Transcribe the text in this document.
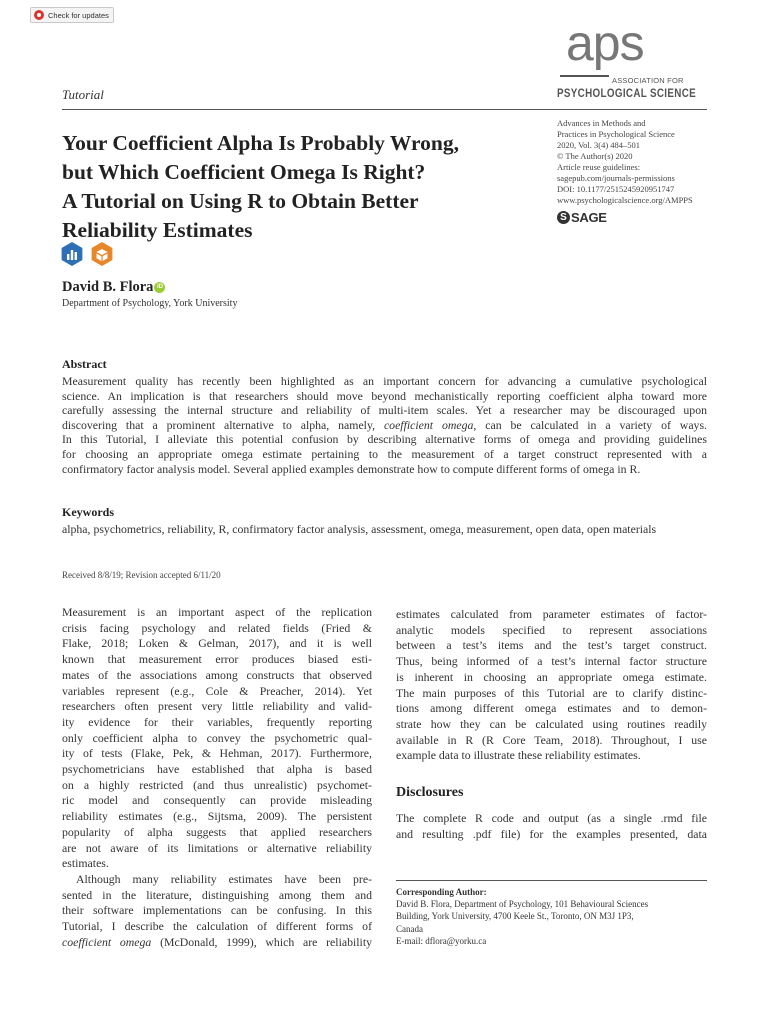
Check for updates	aps
ASSOCIATION FOR
PSYCHOLOGICAL SCIENCE
Tutorial
Your Coefficient Alpha Is Probably Wrong,
but Which Coefficient Omega Is Right?
A Tutorial on Using R to Obtain Better
Reliability Estimates
Advances in Methods and
Practices in Psychological Science
2020, Vol. 3(4) 484–501
© The Author(s) 2020
Article reuse guidelines:
sagepub.com/journals-permissions
DOI: 10.1177/2515245920951747
www.psychologicalscience.org/AMPPS
S SAGE
David B. Flora iD
Department of Psychology, York University
Abstract
Measurement quality has recently been highlighted as an important concern for advancing a cumulative psychological
science. An implication is that researchers should move beyond mechanistically reporting coefficient alpha toward more
carefully assessing the internal structure and reliability of multi-item scales. Yet a researcher may be discouraged upon
discovering that a prominent alternative to alpha, namely, coefficient omega, can be calculated in a variety of ways.
In this Tutorial, I alleviate this potential confusion by describing alternative forms of omega and providing guidelines
for choosing an appropriate omega estimate pertaining to the measurement of a target construct represented with a
confirmatory factor analysis model. Several applied examples demonstrate how to compute different forms of omega in R.
Keywords
alpha, psychometrics, reliability, R, confirmatory factor analysis, assessment, omega, measurement, open data, open materials
Received 8/8/19; Revision accepted 6/11/20
Measurement is an important aspect of the replication
crisis facing psychology and related fields (Fried &
Flake, 2018; Loken & Gelman, 2017), and it is well
known that measurement error produces biased esti-
mates of the associations among constructs that observed
variables represent (e.g., Cole & Preacher, 2014). Yet
researchers often present very little reliability and valid-
ity evidence for their variables, frequently reporting
only coefficient alpha to convey the psychometric qual-
ity of tests (Flake, Pek, & Hehman, 2017). Furthermore,
psychometricians have established that alpha is based
on a highly restricted (and thus unrealistic) psychomet-
ric model and consequently can provide misleading
reliability estimates (e.g., Sijtsma, 2009). The persistent
popularity of alpha suggests that applied researchers
are not aware of its limitations or alternative reliability
estimates.
Although many reliability estimates have been pre-
sented in the literature, distinguishing among them and
their software implementations can be confusing. In this
Tutorial, I describe the calculation of different forms of
coefficient omega (McDonald, 1999), which are reliability
estimates calculated from parameter estimates of factor-
analytic models specified to represent associations
between a test’s items and the test’s target construct.
Thus, being informed of a test’s internal factor structure
is inherent in choosing an appropriate omega estimate.
The main purposes of this Tutorial are to clarify distinc-
tions among different omega estimates and to demon-
strate how they can be calculated using routines readily
available in R (R Core Team, 2018). Throughout, I use
example data to illustrate these reliability estimates.
Disclosures
The complete R code and output (as a single .rmd file
and resulting .pdf file) for the examples presented, data
Corresponding Author:
David B. Flora, Department of Psychology, 101 Behavioural Sciences
Building, York University, 4700 Keele St., Toronto, ON M3J 1P3,
Canada
E-mail: dflora@yorku.ca
